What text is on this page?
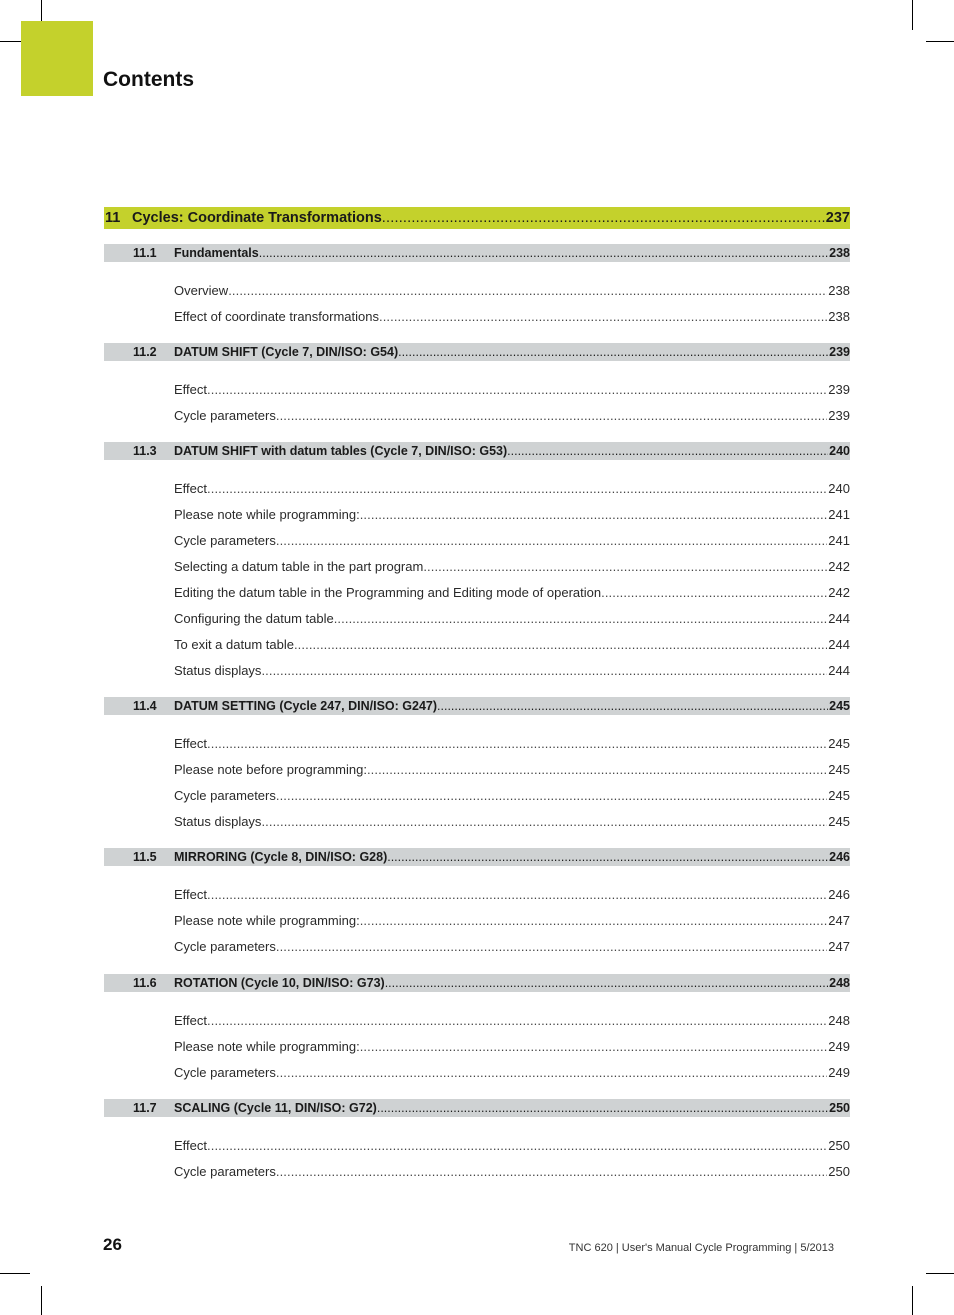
Contents
11 Cycles: Coordinate Transformations .....	237
11.1	Fundamentals .....	238
Overview .....	238
Effect of coordinate transformations .....	238
11.2	DATUM SHIFT (Cycle 7, DIN/ISO: G54) .....	239
Effect .....	239
Cycle parameters .....	239
11.3	DATUM SHIFT with datum tables (Cycle 7, DIN/ISO: G53) .....	240
Effect .....	240
Please note while programming: .....	241
Cycle parameters .....	241
Selecting a datum table in the part program .....	242
Editing the datum table in the Programming and Editing mode of operation .....	242
Configuring the datum table .....	244
To exit a datum table .....	244
Status displays .....	244
11.4	DATUM SETTING (Cycle 247, DIN/ISO: G247) .....	245
Effect .....	245
Please note before programming: .....	245
Cycle parameters .....	245
Status displays .....	245
11.5	MIRRORING (Cycle 8, DIN/ISO: G28) .....	246
Effect .....	246
Please note while programming: .....	247
Cycle parameters .....	247
11.6	ROTATION (Cycle 10, DIN/ISO: G73) .....	248
Effect .....	248
Please note while programming: .....	249
Cycle parameters .....	249
11.7	SCALING (Cycle 11, DIN/ISO: G72) .....	250
Effect .....	250
Cycle parameters .....	250
26	TNC 620 | User's Manual Cycle Programming | 5/2013
